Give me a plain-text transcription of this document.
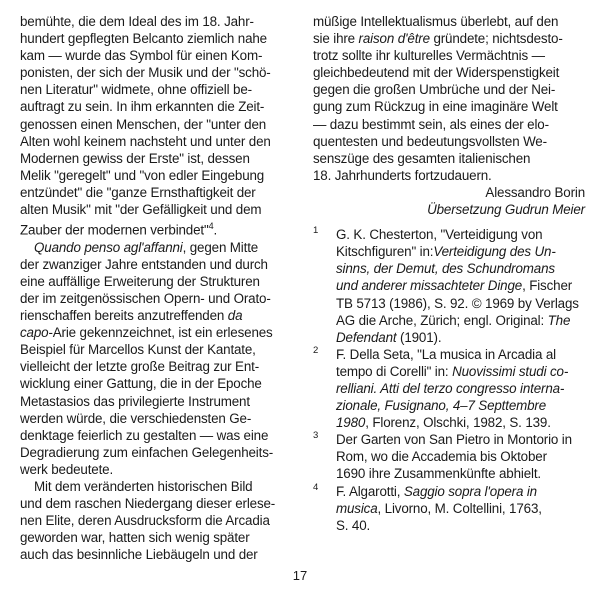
bemühte, die dem Ideal des im 18. Jahr-
hundert gepflegten Belcanto ziemlich nahe
kam — wurde das Symbol für einen Kom-
ponisten, der sich der Musik und der "schö-
nen Literatur" widmete, ohne offiziell be-
auftragt zu sein. In ihm erkannten die Zeit-
genossen einen Menschen, der "unter den
Alten wohl keinem nachsteht und unter den
Modernen gewiss der Erste" ist, dessen
Melik "geregelt" und "von edler Eingebung
entzündet" die "ganze Ernsthaftigkeit der
alten Musik" mit "der Gefälligkeit und dem
Zauber der modernen verbindet"$^4$.
Quando penso agl'affanni, gegen Mitte
der zwanziger Jahre entstanden und durch
eine auffällige Erweiterung der Strukturen
der im zeitgenössischen Opern- und Orato-
rienschaffen bereits anzutreffenden da
capo-Arie gekennzeichnet, ist ein erlesenes
Beispiel für Marcellos Kunst der Kantate,
vielleicht der letzte große Beitrag zur Ent-
wicklung einer Gattung, die in der Epoche
Metastasios das privilegierte Instrument
werden würde, die verschiedensten Ge-
denktage feierlich zu gestalten — was eine
Degradierung zum einfachen Gelegenheits-
werk bedeutete.
Mit dem veränderten historischen Bild
und dem raschen Niedergang dieser erlese-
nen Elite, deren Ausdrucksform die Arcadia
geworden war, hatten sich wenig später
auch das besinnliche Liebäugeln und der
müßige Intellektualismus überlebt, auf den
sie ihre raison d'être gründete; nichtsdesto-
trotz sollte ihr kulturelles Vermächtnis —
gleichbedeutend mit der Widerspenstigkeit
gegen die großen Umbrüche und der Nei-
gung zum Rückzug in eine imaginäre Welt
— dazu bestimmt sein, als eines der elo-
quentesten und bedeutungsvollsten We-
senszüge des gesamten italienischen
18. Jahrhunderts fortzudauern.
Alessandro Borin
Übersetzung Gudrun Meier
1 G. K. Chesterton, "Verteidigung von
Kitschfiguren" in:Verteidigung des Un-
sinns, der Demut, des Schundromans
und anderer missachteter Dinge, Fischer
TB 5713 (1986), S. 92. © 1969 by Verlags
AG die Arche, Zürich; engl. Original: The
Defendant (1901).
2 F. Della Seta, "La musica in Arcadia al
tempo di Corelli" in: Nuovissimi studi co-
relliani. Atti del terzo congresso interna-
zionale, Fusignano, 4–7 Septtembre
1980, Florenz, Olschki, 1982, S. 139.
3 Der Garten von San Pietro in Montorio in
Rom, wo die Accademia bis Oktober
1690 ihre Zusammenkünfte abhielt.
4 F. Algarotti, Saggio sopra l'opera in
musica, Livorno, M. Coltellini, 1763,
S. 40.
17
